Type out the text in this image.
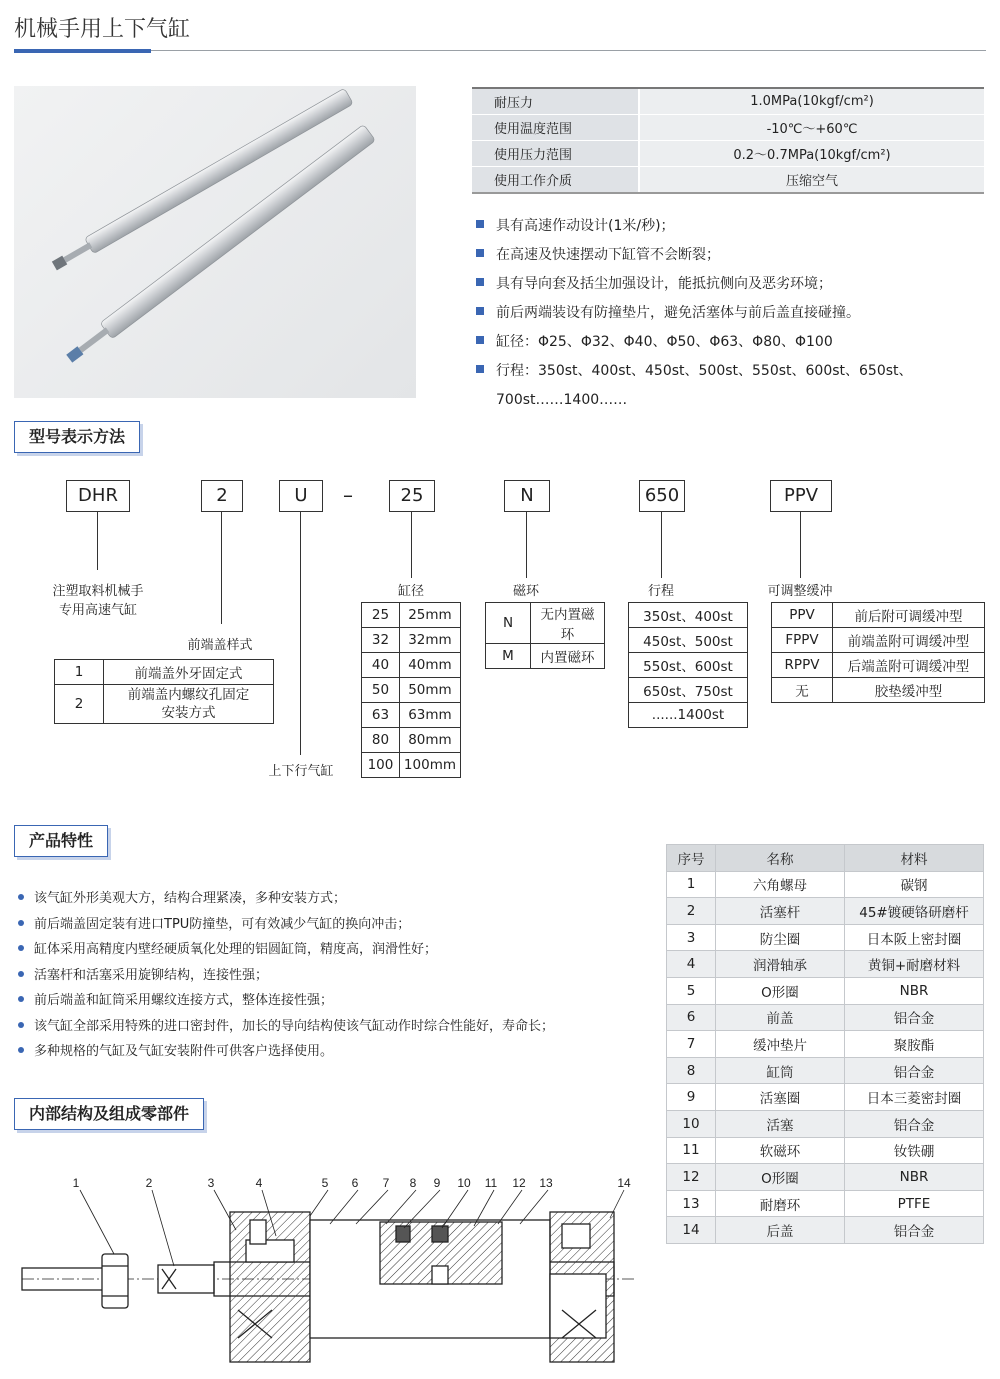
机械手用上下气缸
耐压力	1.0MPa(10kgf/cm²)
使用温度范围	-10℃～+60℃
使用压力范围	0.2～0.7MPa(10kgf/cm²)
使用工作介质	压缩空气
具有高速作动设计(1米/秒)；
在高速及快速摆动下缸管不会断裂；
具有导向套及括尘加强设计，能抵抗侧向及恶劣环境；
前后两端装设有防撞垫片，避免活塞体与前后盖直接碰撞。
缸径：Φ25、Φ32、Φ40、Φ50、Φ63、Φ80、Φ100
行程：350st、400st、450st、500st、550st、600st、650st、
700st……1400……
型号表示方法
DHR	2	U	–	25	N	650	PPV
注塑取料机械手
专用高速气缸
前端盖样式
上下行气缸
缸径	磁环	行程	可调整缓冲
1	前端盖外牙固定式
2	前端盖内螺纹孔固定
安装方式
25	25mm
32	32mm
40	40mm
50	50mm
63	63mm
80	80mm
100	100mm
N	无内置磁环
M	内置磁环
350st、400st
450st、500st
550st、600st
650st、750st
......1400st
PPV	前后附可调缓冲型
FPPV	前端盖附可调缓冲型
RPPV	后端盖附可调缓冲型
无	胶垫缓冲型
产品特性
该气缸外形美观大方，结构合理紧凑，多种安装方式；
前后端盖固定装有进口TPU防撞垫，可有效减少气缸的换向冲击；
缸体采用高精度内壁经硬质氧化处理的铝圆缸筒，精度高，润滑性好；
活塞杆和活塞采用旋铆结构，连接性强；
前后端盖和缸筒采用螺纹连接方式，整体连接性强；
该气缸全部采用特殊的进口密封件，加长的导向结构使该气缸动作时综合性能好，寿命长；
多种规格的气缸及气缸安装附件可供客户选择使用。
序号	名称	材料
1	六角螺母	碳钢
2	活塞杆	45#镀硬铬研磨杆
3	防尘圈	日本阪上密封圈
4	润滑轴承	黄铜+耐磨材料
5	O形圈	NBR
6	前盖	铝合金
7	缓冲垫片	聚胺酯
8	缸筒	铝合金
9	活塞圈	日本三菱密封圈
10	活塞	铝合金
11	软磁环	钕铁硼
12	O形圈	NBR
13	耐磨环	PTFE
14	后盖	铝合金
内部结构及组成零部件
1	2	3	4	5 6 7 8 9 10 11 12 13	14
